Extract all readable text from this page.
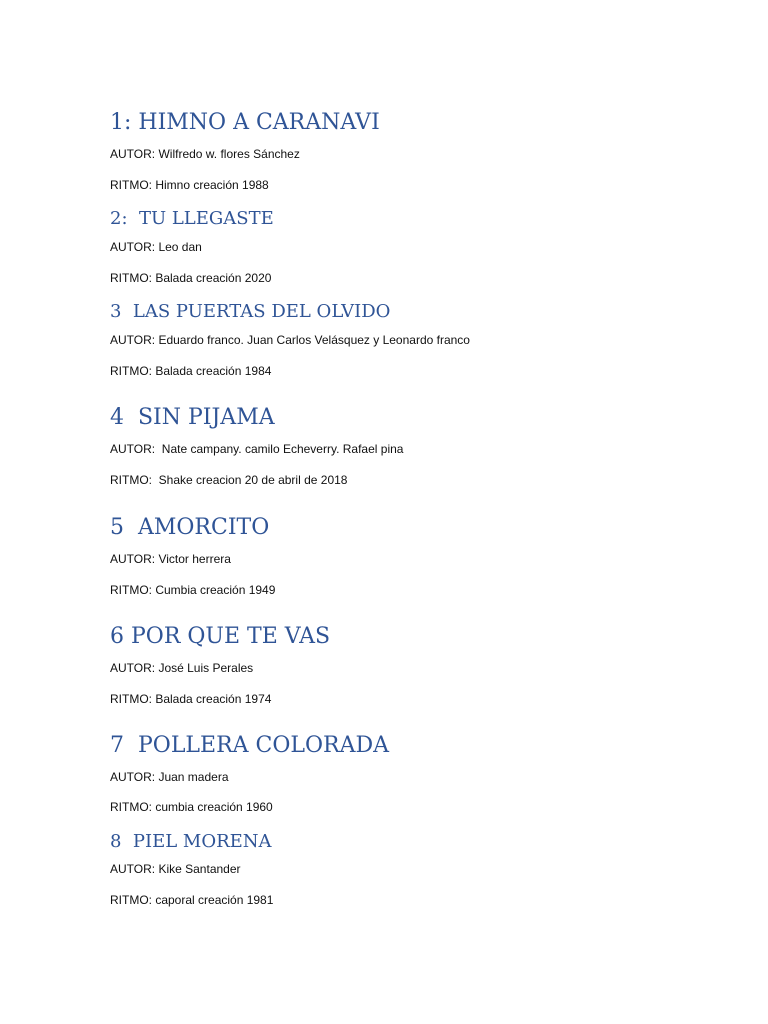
1: HIMNO A CARANAVI
AUTOR: Wilfredo w. flores Sánchez
RITMO: Himno creación 1988
2:  TU LLEGASTE
AUTOR: Leo dan
RITMO: Balada creación 2020
3  LAS PUERTAS DEL OLVIDO
AUTOR: Eduardo franco. Juan Carlos Velásquez y Leonardo franco
RITMO: Balada creación 1984
4  SIN PIJAMA
AUTOR:  Nate campany. camilo Echeverry. Rafael pina
RITMO:  Shake creacion 20 de abril de 2018
5  AMORCITO
AUTOR: Victor herrera
RITMO: Cumbia creación 1949
6 POR QUE TE VAS
AUTOR: José Luis Perales
RITMO: Balada creación 1974
7  POLLERA COLORADA
AUTOR: Juan madera
RITMO: cumbia creación 1960
8  PIEL MORENA
AUTOR: Kike Santander
RITMO: caporal creación 1981
